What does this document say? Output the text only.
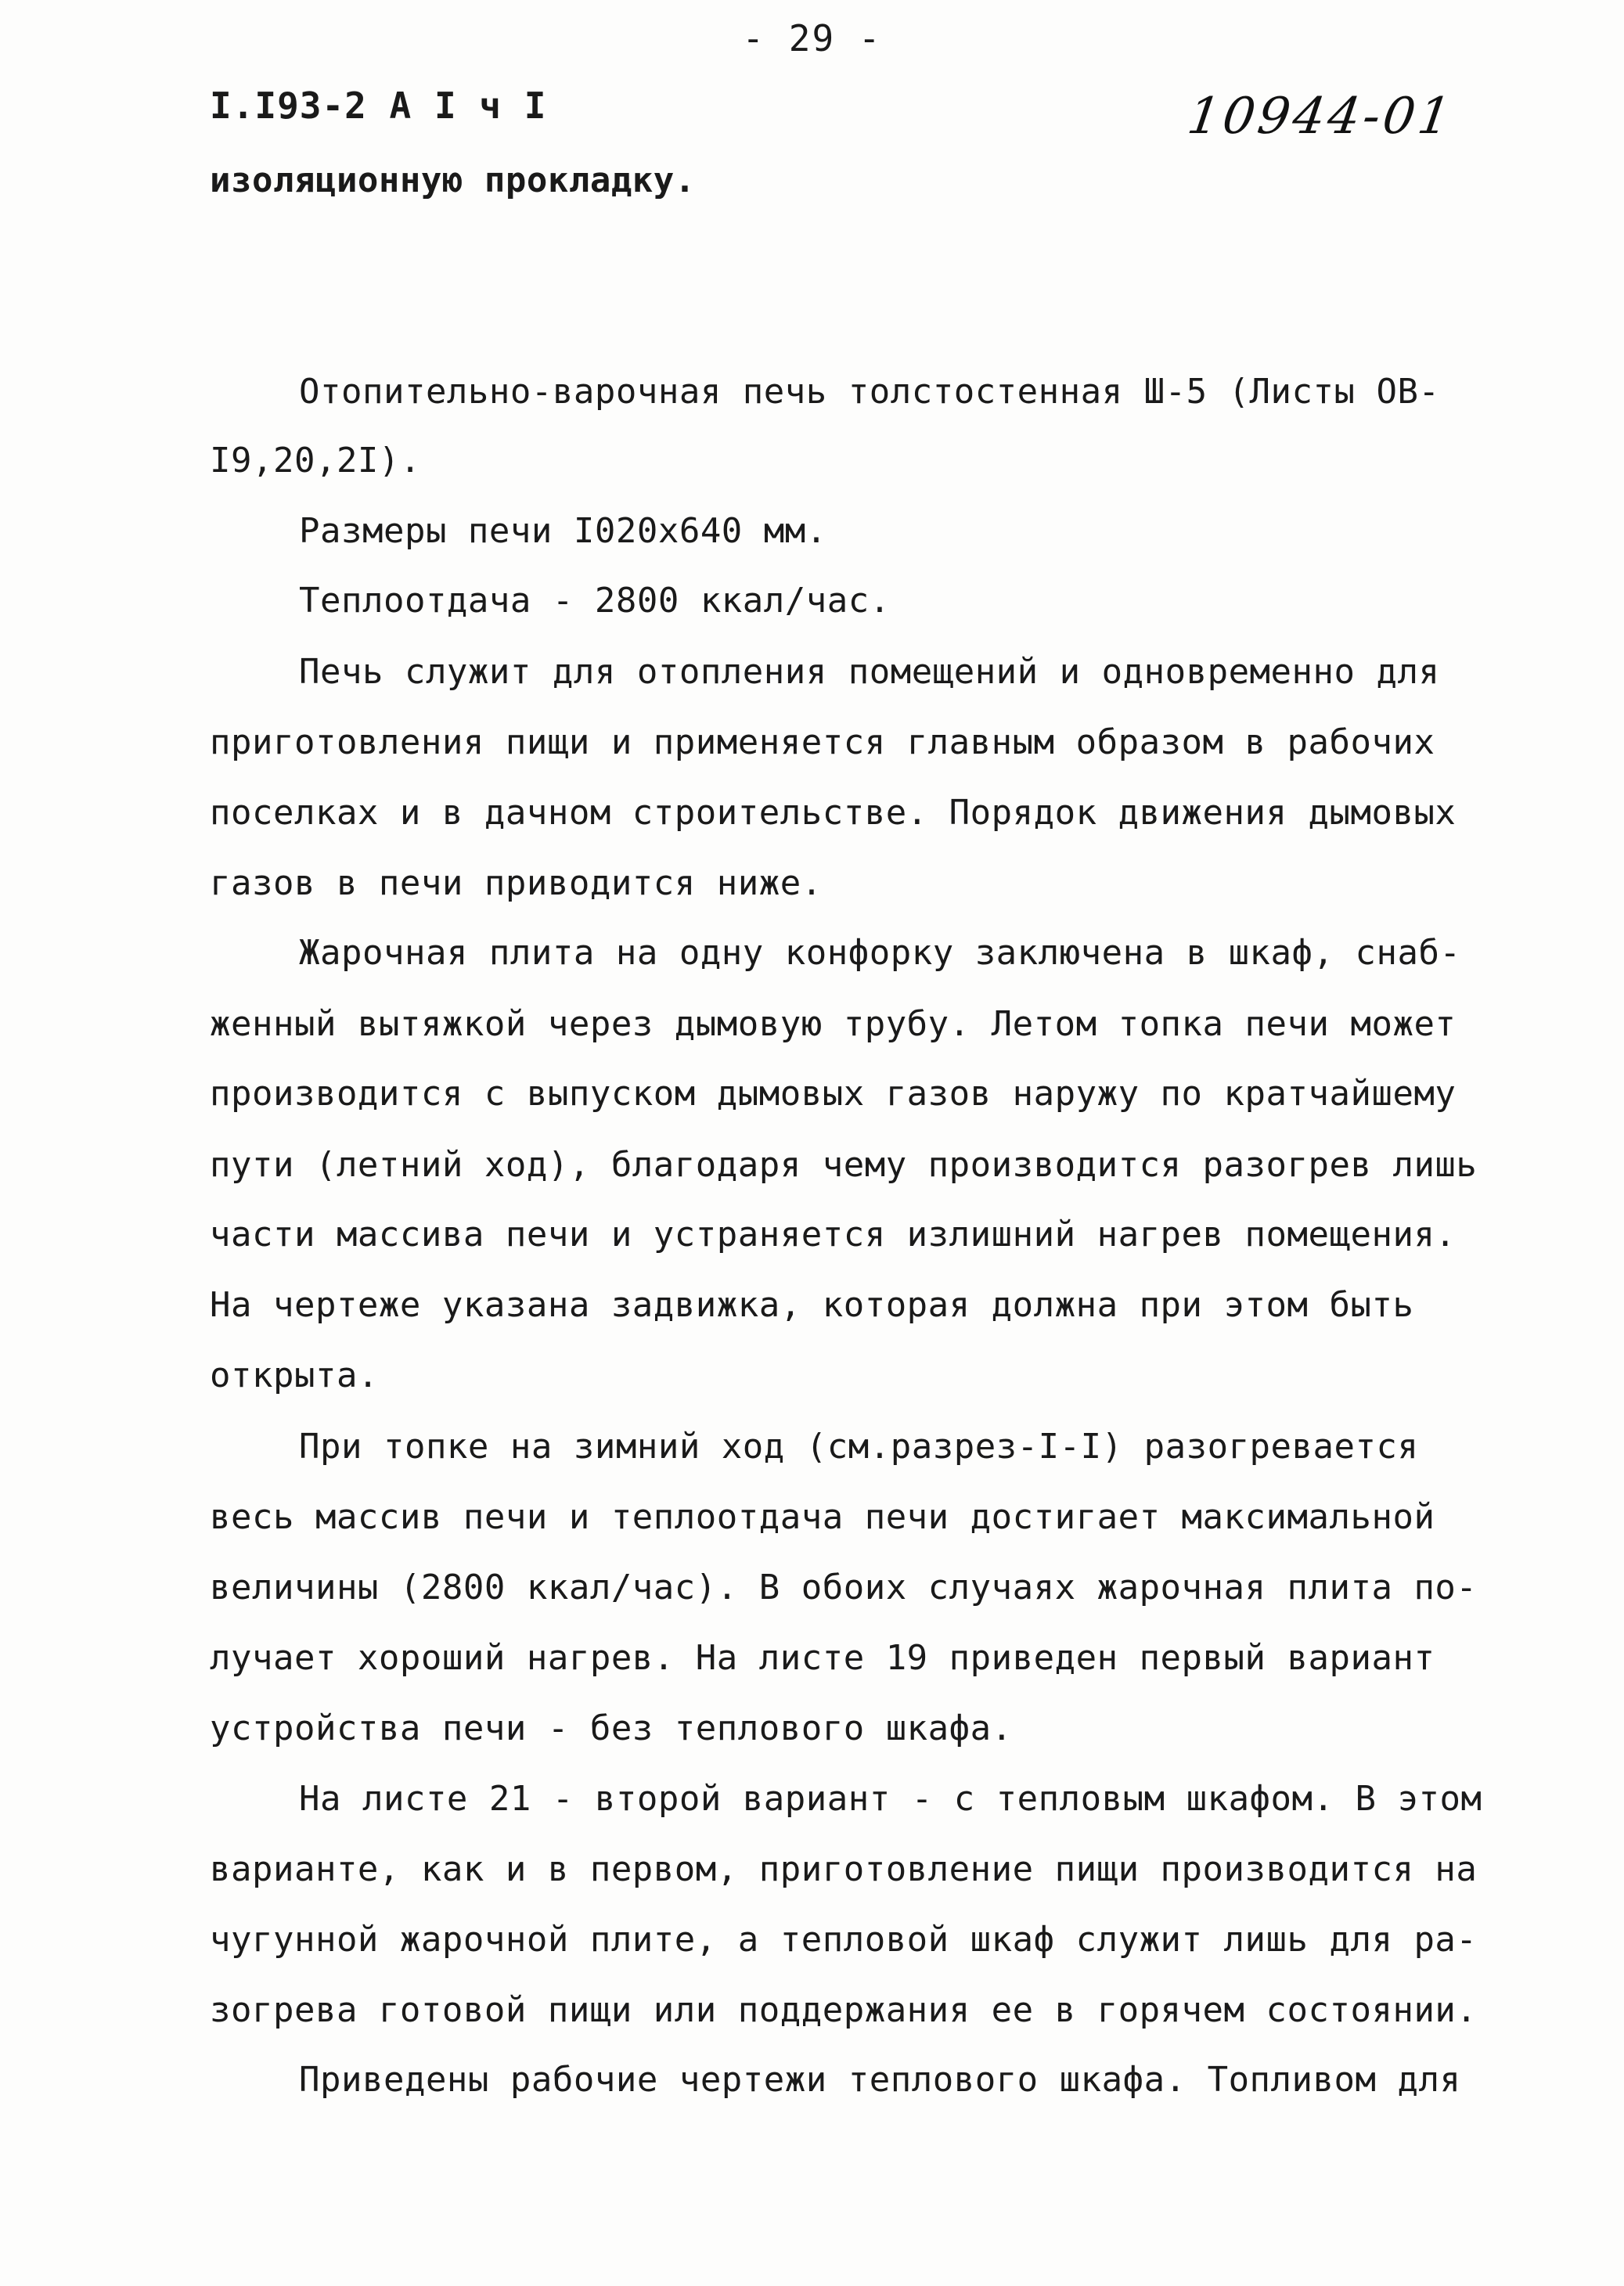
- 29 -
I.I93-2 А I ч I	10944-01
изоляционную прокладку.
Отопительно-варочная печь толстостенная Ш-5 (Листы ОВ-
I9,20,2I).
Размеры печи I020х640 мм.
Теплоотдача - 2800 ккал/час.
Печь служит для отопления помещений и одновременно для
приготовления пищи и применяется главным образом в рабочих
поселках и в дачном строительстве. Порядок движения дымовых
газов в печи приводится ниже.
Жарочная плита на одну конфорку заключена в шкаф, снаб-
женный вытяжкой через дымовую трубу. Летом топка печи может
производится с выпуском дымовых газов наружу по кратчайшему
пути (летний ход), благодаря чему производится разогрев лишь
части массива печи и устраняется излишний нагрев помещения.
На чертеже указана задвижка, которая должна при этом быть
открыта.
При топке на зимний ход (см.разрез-I-I) разогревается
весь массив печи и теплоотдача печи достигает максимальной
величины (2800 ккал/час). В обоих случаях жарочная плита по-
лучает хороший нагрев. На листе 19 приведен первый вариант
устройства печи - без теплового шкафа.
На листе 21 - второй вариант - с тепловым шкафом. В этом
варианте, как и в первом, приготовление пищи производится на
чугунной жарочной плите, а тепловой шкаф служит лишь для ра-
зогрева готовой пищи или поддержания ее в горячем состоянии.
Приведены рабочие чертежи теплового шкафа. Топливом для
